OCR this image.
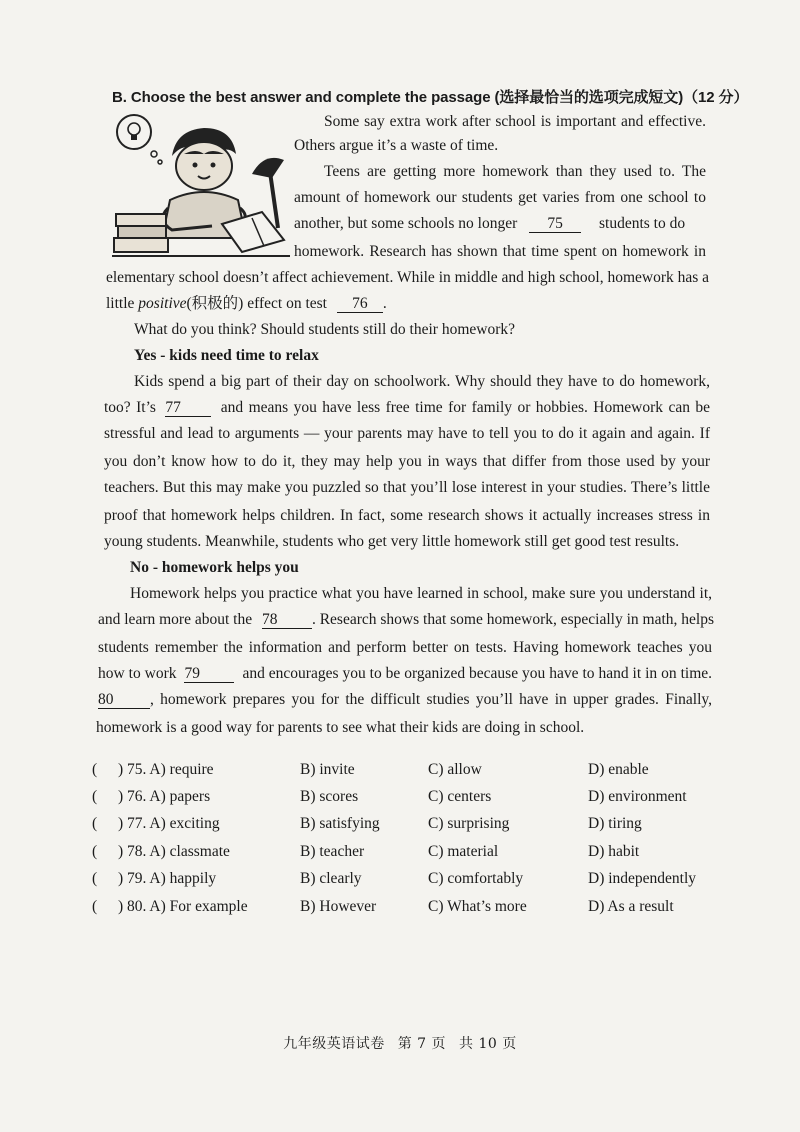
B. Choose the best answer and complete the passage (选择最恰当的选项完成短文)（12 分）
Some say extra work after school is important and effective.
Others argue it’s a waste of time.
Teens are getting more homework than they used to. The
amount of homework our students get varies from one school to
another, but some schools no longer 75 students to do
homework. Research has shown that time spent on homework in
elementary school doesn’t affect achievement. While in middle and high school, homework has a
little positive(积极的) effect on test 76 .
What do you think? Should students still do their homework?
Yes - kids need time to relax
Kids spend a big part of their day on schoolwork. Why should they have to do homework,
too? It’s 77	and means you have less free time for family or hobbies. Homework can be
stressful and lead to arguments — your parents may have to tell you to do it again and again. If
you don’t know how to do it, they may help you in ways that differ from those used by your
teachers. But this may make you puzzled so that you’ll lose interest in your studies. There’s little
proof that homework helps children. In fact, some research shows it actually increases stress in
young students. Meanwhile, students who get very little homework still get good test results.
No - homework helps you
Homework helps you practice what you have learned in school, make sure you understand it,
and learn more about the 78 . Research shows that some homework, especially in math, helps
students remember the information and perform better on tests. Having homework teaches you
how to work 79	and encourages you to be organized because you have to hand it in on time.
80 , homework prepares you for the difficult studies you’ll have in upper grades. Finally,
homework is a good way for parents to see what their kids are doing in school.
( ) 75. A) require	B) invite	C) allow	D) enable
( ) 76. A) papers	B) scores	C) centers	D) environment
( ) 77. A) exciting	B) satisfying	C) surprising	D) tiring
( ) 78. A) classmate	B) teacher	C) material	D) habit
( ) 79. A) happily	B) clearly	C) comfortably	D) independently
( ) 80. A) For example	B) However	C) What’s more	D) As a result
九年级英语试卷 第 7 页 共 10 页
